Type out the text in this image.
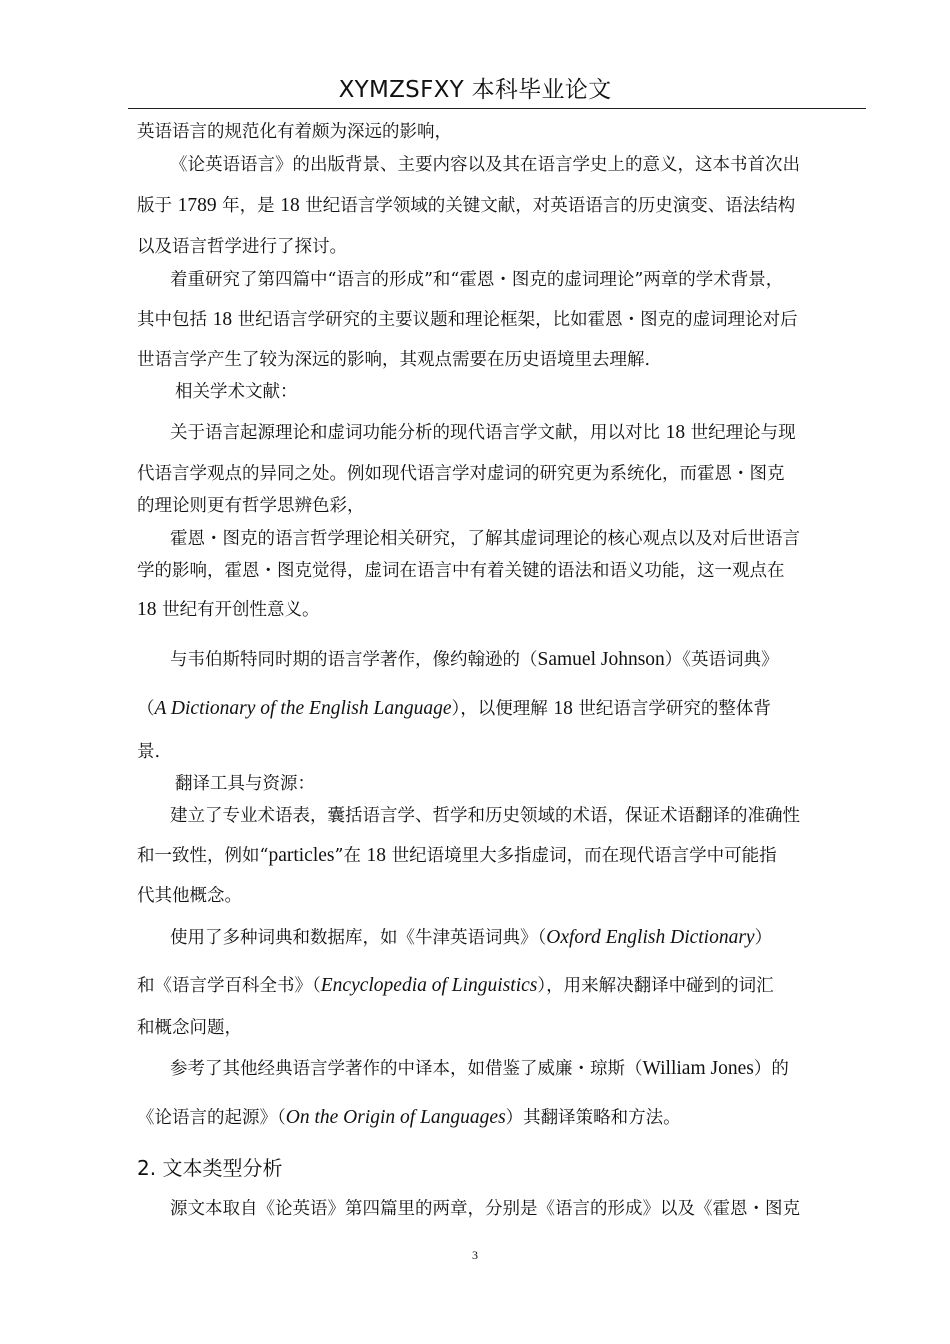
XYMZSFXY 本科毕业论文
英语语言的规范化有着颇为深远的影响，
《论英语语言》的出版背景、主要内容以及其在语言学史上的意义，这本书首次出
版于 1789 年，是 18 世纪语言学领域的关键文献，对英语语言的历史演变、语法结构
以及语言哲学进行了探讨。
着重研究了第四篇中“语言的形成”和“霍恩・图克的虚词理论”两章的学术背景，
其中包括 18 世纪语言学研究的主要议题和理论框架，比如霍恩・图克的虚词理论对后
世语言学产生了较为深远的影响，其观点需要在历史语境里去理解.
相关学术文献：
关于语言起源理论和虚词功能分析的现代语言学文献，用以对比 18 世纪理论与现
代语言学观点的异同之处。例如现代语言学对虚词的研究更为系统化，而霍恩・图克
的理论则更有哲学思辨色彩，
霍恩・图克的语言哲学理论相关研究，了解其虚词理论的核心观点以及对后世语言
学的影响，霍恩・图克觉得，虚词在语言中有着关键的语法和语义功能，这一观点在
18 世纪有开创性意义。
与韦伯斯特同时期的语言学著作，像约翰逊的（Samuel Johnson）《英语词典》
（A Dictionary of the English Language），以便理解 18 世纪语言学研究的整体背
景.
翻译工具与资源：
建立了专业术语表，囊括语言学、哲学和历史领域的术语，保证术语翻译的准确性
和一致性，例如“particles”在 18 世纪语境里大多指虚词，而在现代语言学中可能指
代其他概念。
使用了多种词典和数据库，如《牛津英语词典》（Oxford English Dictionary）
和《语言学百科全书》（Encyclopedia of Linguistics），用来解决翻译中碰到的词汇
和概念问题，
参考了其他经典语言学著作的中译本，如借鉴了威廉・琼斯（William Jones）的
《论语言的起源》（On the Origin of Languages）其翻译策略和方法。
2. 文本类型分析
源文本取自《论英语》第四篇里的两章，分别是《语言的形成》以及《霍恩・图克
3
